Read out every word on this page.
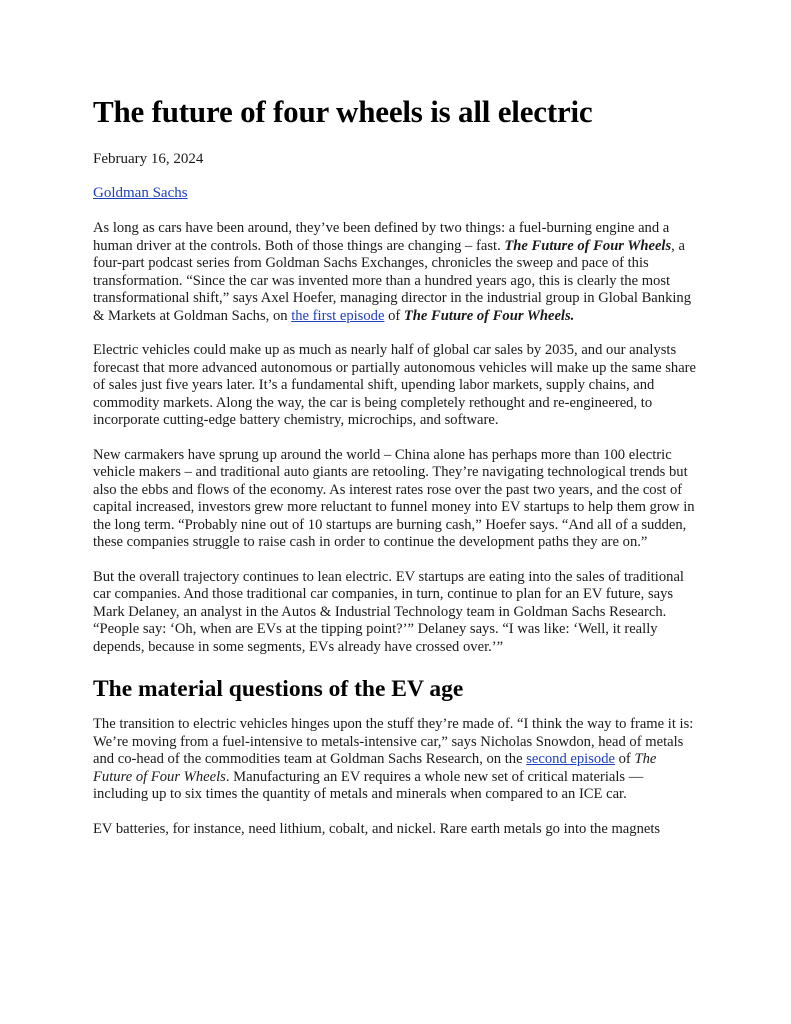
The future of four wheels is all electric
February 16, 2024
Goldman Sachs

As long as cars have been around, they’ve been defined by two things: a fuel-burning engine and a human driver at the controls. Both of those things are changing – fast. The Future of Four Wheels, a four-part podcast series from Goldman Sachs Exchanges, chronicles the sweep and pace of this transformation. “Since the car was invented more than a hundred years ago, this is clearly the most transformational shift,” says Axel Hoefer, managing director in the industrial group in Global Banking & Markets at Goldman Sachs, on the first episode of The Future of Four Wheels.

Electric vehicles could make up as much as nearly half of global car sales by 2035, and our analysts forecast that more advanced autonomous or partially autonomous vehicles will make up the same share of sales just five years later. It’s a fundamental shift, upending labor markets, supply chains, and commodity markets. Along the way, the car is being completely rethought and re-engineered, to incorporate cutting-edge battery chemistry, microchips, and software.

New carmakers have sprung up around the world – China alone has perhaps more than 100 electric vehicle makers – and traditional auto giants are retooling. They’re navigating technological trends but also the ebbs and flows of the economy. As interest rates rose over the past two years, and the cost of capital increased, investors grew more reluctant to funnel money into EV startups to help them grow in the long term. “Probably nine out of 10 startups are burning cash,” Hoefer says. “And all of a sudden, these companies struggle to raise cash in order to continue the development paths they are on.”

But the overall trajectory continues to lean electric. EV startups are eating into the sales of traditional car companies. And those traditional car companies, in turn, continue to plan for an EV future, says Mark Delaney, an analyst in the Autos & Industrial Technology team in Goldman Sachs Research. “People say: ‘Oh, when are EVs at the tipping point?’” Delaney says. “I was like: ‘Well, it really depends, because in some segments, EVs already have crossed over.’”

The material questions of the EV age

The transition to electric vehicles hinges upon the stuff they’re made of. “I think the way to frame it is: We’re moving from a fuel-intensive to metals-intensive car,” says Nicholas Snowdon, head of metals and co-head of the commodities team at Goldman Sachs Research, on the second episode of The Future of Four Wheels. Manufacturing an EV requires a whole new set of critical materials — including up to six times the quantity of metals and minerals when compared to an ICE car.

EV batteries, for instance, need lithium, cobalt, and nickel. Rare earth metals go into the magnets
